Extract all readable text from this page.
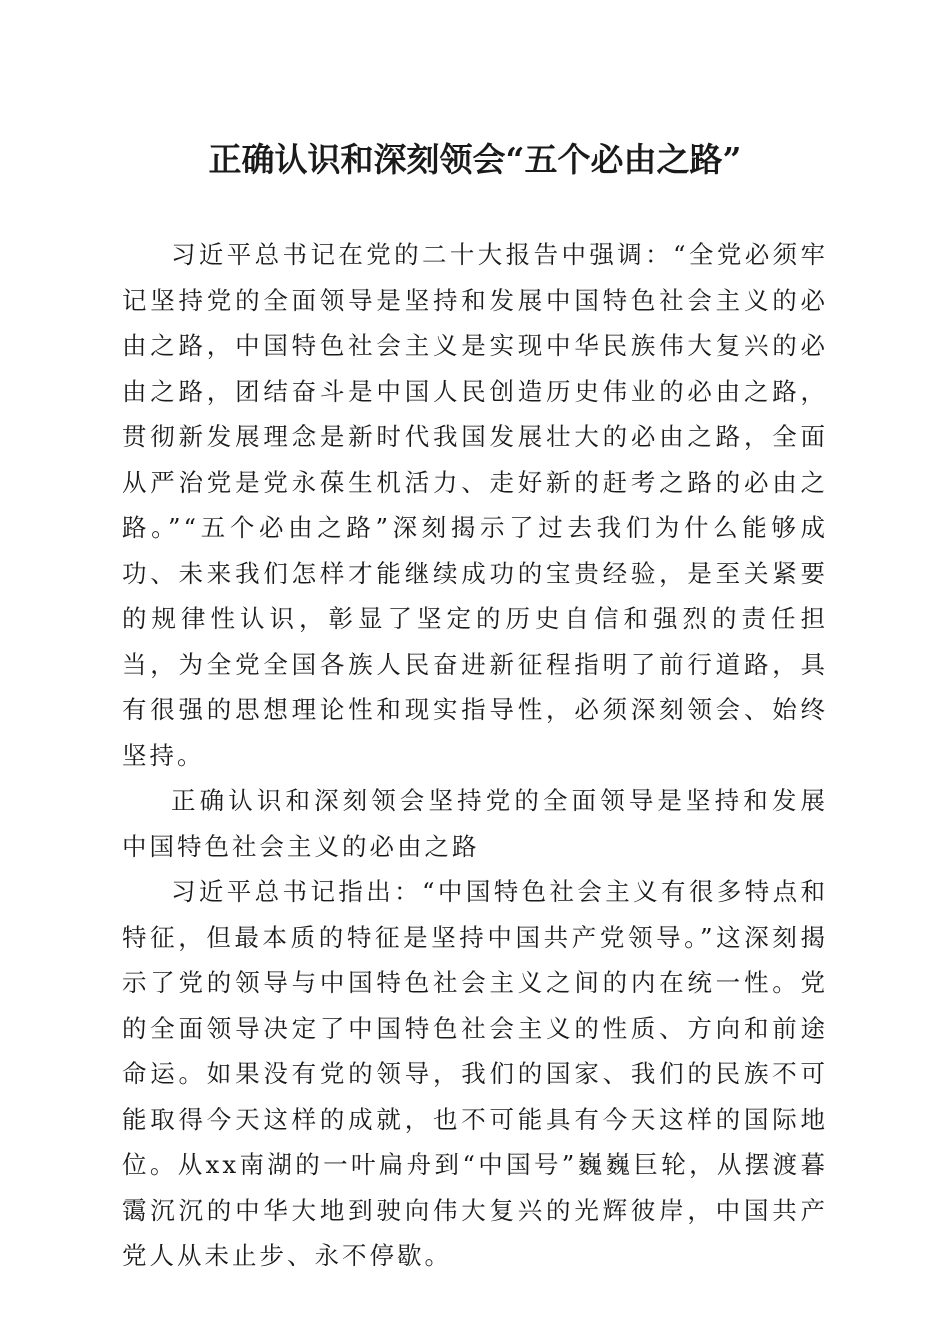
正确认识和深刻领会“五个必由之路”

习近平总书记在党的二十大报告中强调：“全党必须牢记坚持党的全面领导是坚持和发展中国特色社会主义的必由之路，中国特色社会主义是实现中华民族伟大复兴的必由之路，团结奋斗是中国人民创造历史伟业的必由之路，贯彻新发展理念是新时代我国发展壮大的必由之路，全面从严治党是党永葆生机活力、走好新的赶考之路的必由之路。”“五个必由之路”深刻揭示了过去我们为什么能够成功、未来我们怎样才能继续成功的宝贵经验，是至关紧要的规律性认识，彰显了坚定的历史自信和强烈的责任担当，为全党全国各族人民奋进新征程指明了前行道路，具有很强的思想理论性和现实指导性，必须深刻领会、始终坚持。

正确认识和深刻领会坚持党的全面领导是坚持和发展中国特色社会主义的必由之路

习近平总书记指出：“中国特色社会主义有很多特点和特征，但最本质的特征是坚持中国共产党领导。”这深刻揭示了党的领导与中国特色社会主义之间的内在统一性。党的全面领导决定了中国特色社会主义的性质、方向和前途命运。如果没有党的领导，我们的国家、我们的民族不可能取得今天这样的成就，也不可能具有今天这样的国际地位。从xx南湖的一叶扁舟到“中国号”巍巍巨轮，从摆渡暮霭沉沉的中华大地到驶向伟大复兴的光辉彼岸，中国共产党人从未止步、永不停歇。
